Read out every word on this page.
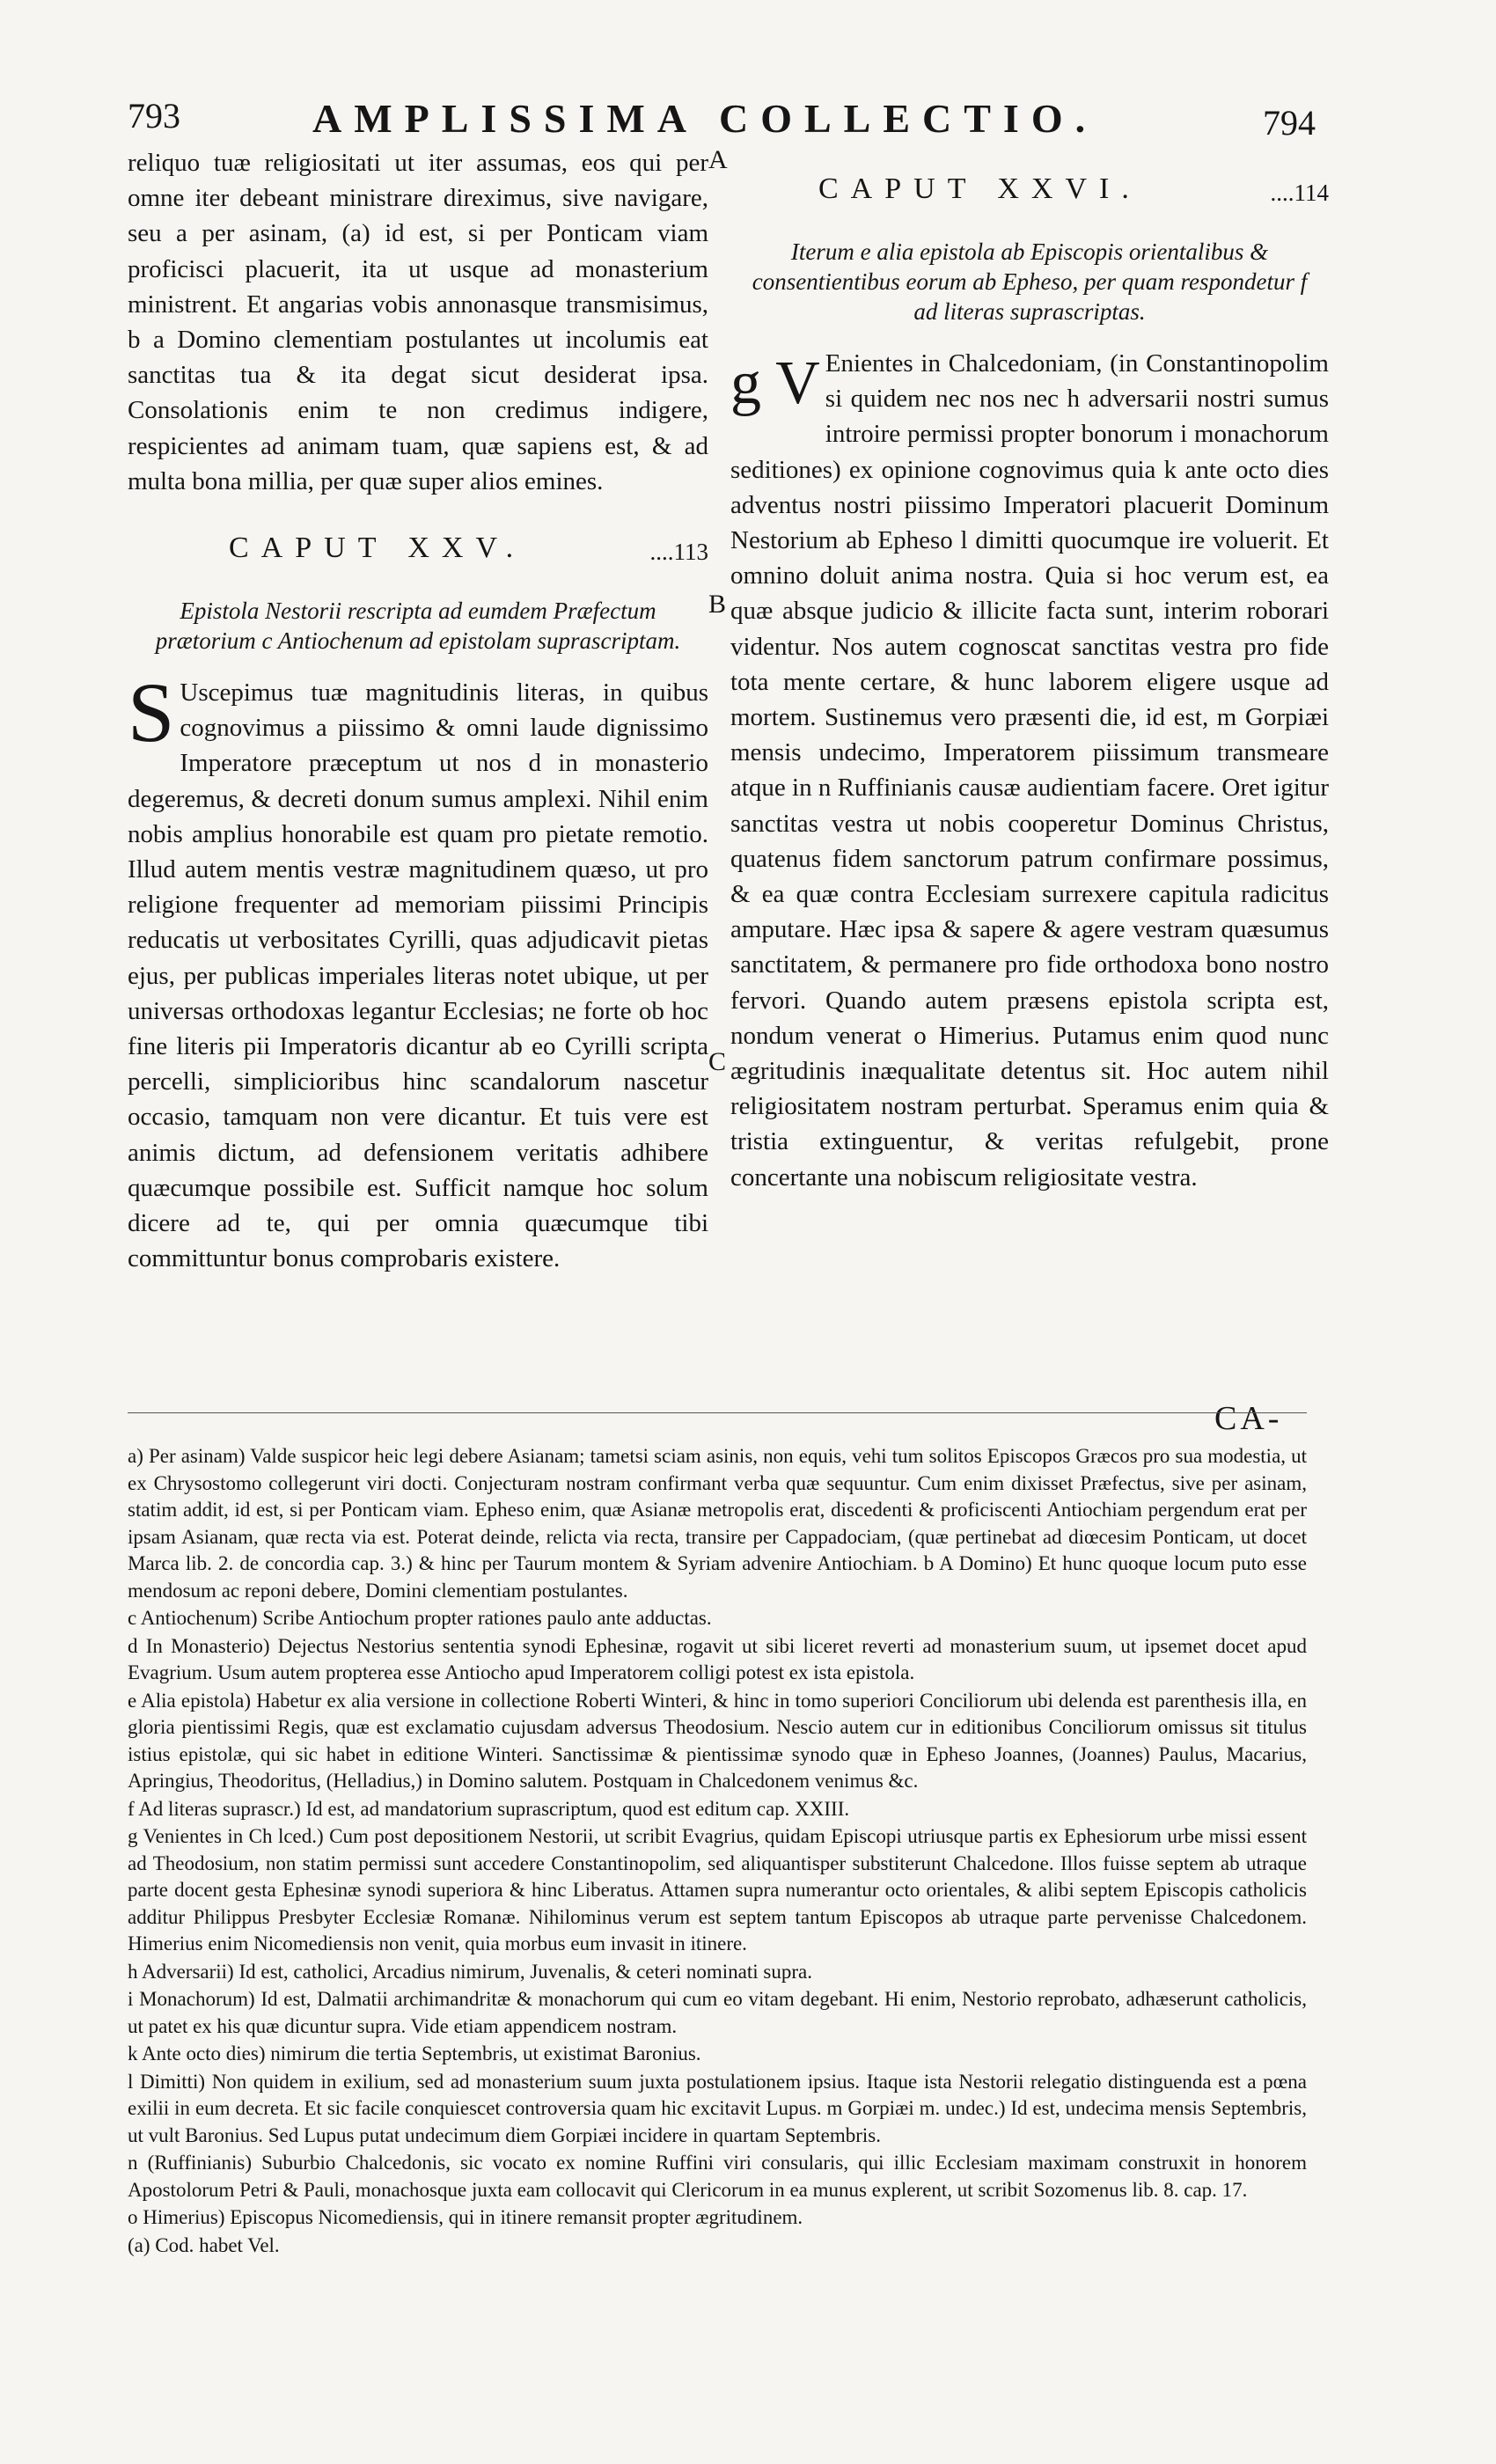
793	AMPLISSIMA COLLECTIO.	794

reliquo tuæ religiositati ut iter assumas, eos qui per omne iter debeant ministrare direximus, sive navigare, seu a per asinam, (a) id est, si per Ponticam viam proficisci placuerit, ita ut usque ad monasterium ministrent. Et angarias vobis annonasque transmisimus, b a Domino clementiam postulantes ut incolumis eat sanctitas tua & ita degat sicut desiderat ipsa. Consolationis enim te non credimus indigere, respicientes ad animam tuam, quæ sapiens est, & ad multa bona millia, per quæ super alios emines.

CAPUT XXV.	....113

Epistola Nestorii rescripta ad eumdem Præfectum prætorium c Antiochenum ad epistolam suprascriptam.

S Uscepimus tuæ magnitudinis literas, in quibus cognovimus a piissimo & omni laude dignissimo Imperatore præceptum ut nos d in monasterio degeremus, & decreti donum sumus amplexi. Nihil enim nobis amplius honorabile est quam pro pietate remotio. Illud autem mentis vestræ magnitudinem quæso, ut pro religione frequenter ad memoriam piissimi Principis reducatis ut verbositates Cyrilli, quas adjudicavit pietas ejus, per publicas imperiales literas notet ubique, ut per universas orthodoxas legantur Ecclesias; ne forte ob hoc fine literis pii Imperatoris dicantur ab eo Cyrilli scripta percelli, simplicioribus hinc scandalorum nascetur occasio, tamquam non vere dicantur. Et tuis vere est animis dictum, ad defensionem veritatis adhibere quæcumque possibile est. Sufficit namque hoc solum dicere ad te, qui per omnia quæcumque tibi committuntur bonus comprobaris existere.

A
B
C
CAPUT XXVI.	....114

Iterum e alia epistola ab Episcopis orientalibus & consentientibus eorum ab Epheso, per quam respondetur f ad literas suprascriptas.

g V Enientes in Chalcedoniam, (in Constantinopolim si quidem nec nos nec h adversarii nostri sumus introire permissi propter bonorum i monachorum seditiones) ex opinione cognovimus quia k ante octo dies adventus nostri piissimo Imperatori placuerit Dominum Nestorium ab Epheso l dimitti quocumque ire voluerit. Et omnino doluit anima nostra. Quia si hoc verum est, ea quæ absque judicio & illicite facta sunt, interim roborari videntur. Nos autem cognoscat sanctitas vestra pro fide tota mente certare, & hunc laborem eligere usque ad mortem. Sustinemus vero præsenti die, id est, m Gorpiæi mensis undecimo, Imperatorem piissimum transmeare atque in n Ruffinianis causæ audientiam facere. Oret igitur sanctitas vestra ut nobis cooperetur Dominus Christus, quatenus fidem sanctorum patrum confirmare possimus, & ea quæ contra Ecclesiam surrexere capitula radicitus amputare. Hæc ipsa & sapere & agere vestram quæsumus sanctitatem, & permanere pro fide orthodoxa bono nostro fervori. Quando autem præsens epistola scripta est, nondum venerat o Himerius. Putamus enim quod nunc ægritudinis inæqualitate detentus sit. Hoc autem nihil religiositatem nostram perturbat. Speramus enim quia & tristia extinguentur, & veritas refulgebit, prone concertante una nobiscum religiositate vestra.

CA-

a) Per asinam) Valde suspicor heic legi debere Asianam; tametsi sciam asinis, non equis, vehi tum solitos Episcopos Græcos pro sua modestia, ut ex Chrysostomo collegerunt viri docti. Conjecturam nostram confirmant verba quæ sequuntur. Cum enim dixisset Præfectus, sive per asinam, statim addit, id est, si per Ponticam viam. Epheso enim, quæ Asianæ metropolis erat, discedenti & proficiscenti Antiochiam pergendum erat per ipsam Asianam, quæ recta via est. Poterat deinde, relicta via recta, transire per Cappadociam, (quæ pertinebat ad diœcesim Ponticam, ut docet Marca lib. 2. de concordia cap. 3.) & hinc per Taurum montem & Syriam advenire Antiochiam. b A Domino) Et hunc quoque locum puto esse mendosum ac reponi debere, Domini clementiam postulantes.

c Antiochenum) Scribe Antiochum propter rationes paulo ante adductas.

d In Monasterio) Dejectus Nestorius sententia synodi Ephesinæ, rogavit ut sibi liceret reverti ad monasterium suum, ut ipsemet docet apud Evagrium. Usum autem propterea esse Antiocho apud Imperatorem colligi potest ex ista epistola.

e Alia epistola) Habetur ex alia versione in collectione Roberti Winteri, & hinc in tomo superiori Conciliorum ubi delenda est parenthesis illa, en gloria pientissimi Regis, quæ est exclamatio cujusdam adversus Theodosium. Nescio autem cur in editionibus Conciliorum omissus sit titulus istius epistolæ, qui sic habet in editione Winteri. Sanctissimæ & pientissimæ synodo quæ in Epheso Joannes, (Joannes) Paulus, Macarius, Apringius, Theodoritus, (Helladius,) in Domino salutem. Postquam in Chalcedonem venimus &c.

f Ad literas suprascr.) Id est, ad mandatorium suprascriptum, quod est editum cap. XXIII.

g Venientes in Ch lced.) Cum post depositionem Nestorii, ut scribit Evagrius, quidam Episcopi utriusque partis ex Ephesiorum urbe missi essent ad Theodosium, non statim permissi sunt accedere Constantinopolim, sed aliquantisper substiterunt Chalcedone. Illos fuisse septem ab utraque parte docent gesta Ephesinæ synodi superiora & hinc Liberatus. Attamen supra numerantur octo orientales, & alibi septem Episcopis catholicis additur Philippus Presbyter Ecclesiæ Romanæ. Nihilominus verum est septem tantum Episcopos ab utraque parte pervenisse Chalcedonem. Himerius enim Nicomediensis non venit, quia morbus eum invasit in itinere.

h Adversarii) Id est, catholici, Arcadius nimirum, Juvenalis, & ceteri nominati supra.

i Monachorum) Id est, Dalmatii archimandritæ & monachorum qui cum eo vitam degebant. Hi enim, Nestorio reprobato, adhæserunt catholicis, ut patet ex his quæ dicuntur supra. Vide etiam appendicem nostram.

k Ante octo dies) nimirum die tertia Septembris, ut existimat Baronius.

l Dimitti) Non quidem in exilium, sed ad monasterium suum juxta postulationem ipsius. Itaque ista Nestorii relegatio distinguenda est a pœna exilii in eum decreta. Et sic facile conquiescet controversia quam hic excitavit Lupus. m Gorpiæi m. undec.) Id est, undecima mensis Septembris, ut vult Baronius. Sed Lupus putat undecimum diem Gorpiæi incidere in quartam Septembris.

n (Ruffinianis) Suburbio Chalcedonis, sic vocato ex nomine Ruffini viri consularis, qui illic Ecclesiam maximam construxit in honorem Apostolorum Petri & Pauli, monachosque juxta eam collocavit qui Clericorum in ea munus explerent, ut scribit Sozomenus lib. 8. cap. 17.

o Himerius) Episcopus Nicomediensis, qui in itinere remansit propter ægritudinem.

(a) Cod. habet Vel.
